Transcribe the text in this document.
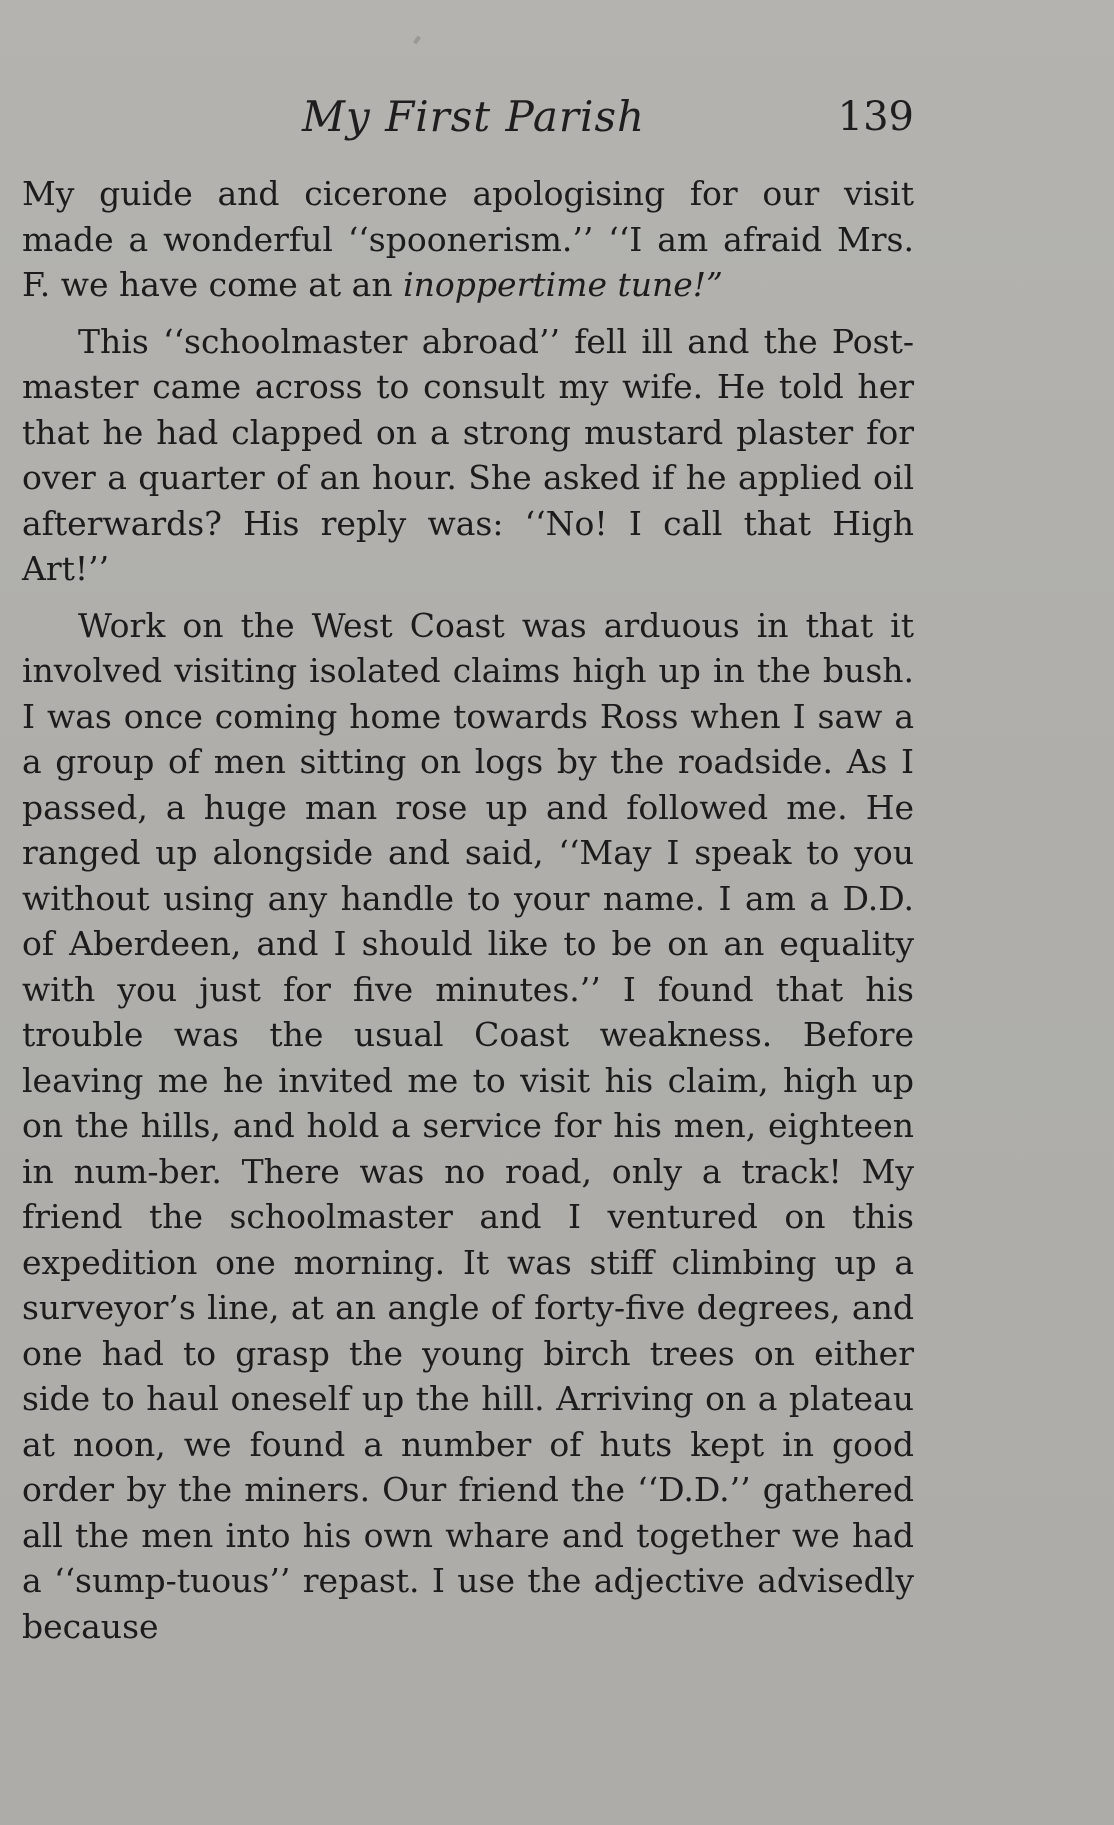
My First Parish	139

My guide and cicerone apologising for our visit made a wonderful ‘‘spoonerism.’’ ‘‘I am afraid Mrs. F. we have come at an inoppertime tune!”

This ‘‘schoolmaster abroad’’ fell ill and the Post-master came across to consult my wife. He told her that he had clapped on a strong mustard plaster for over a quarter of an hour. She asked if he applied oil afterwards? His reply was: ‘‘No! I call that High Art!’’

Work on the West Coast was arduous in that it involved visiting isolated claims high up in the bush. I was once coming home towards Ross when I saw a a group of men sitting on logs by the roadside. As I passed, a huge man rose up and followed me. He ranged up alongside and said, ‘‘May I speak to you without using any handle to your name. I am a D.D. of Aberdeen, and I should like to be on an equality with you just for five minutes.’’ I found that his trouble was the usual Coast weakness. Before leaving me he invited me to visit his claim, high up on the hills, and hold a service for his men, eighteen in num-ber. There was no road, only a track! My friend the schoolmaster and I ventured on this expedition one morning. It was stiff climbing up a surveyor’s line, at an angle of forty-five degrees, and one had to grasp the young birch trees on either side to haul oneself up the hill. Arriving on a plateau at noon, we found a number of huts kept in good order by the miners. Our friend the ‘‘D.D.’’ gathered all the men into his own whare and together we had a ‘‘sump-tuous’’ repast. I use the adjective advisedly because
